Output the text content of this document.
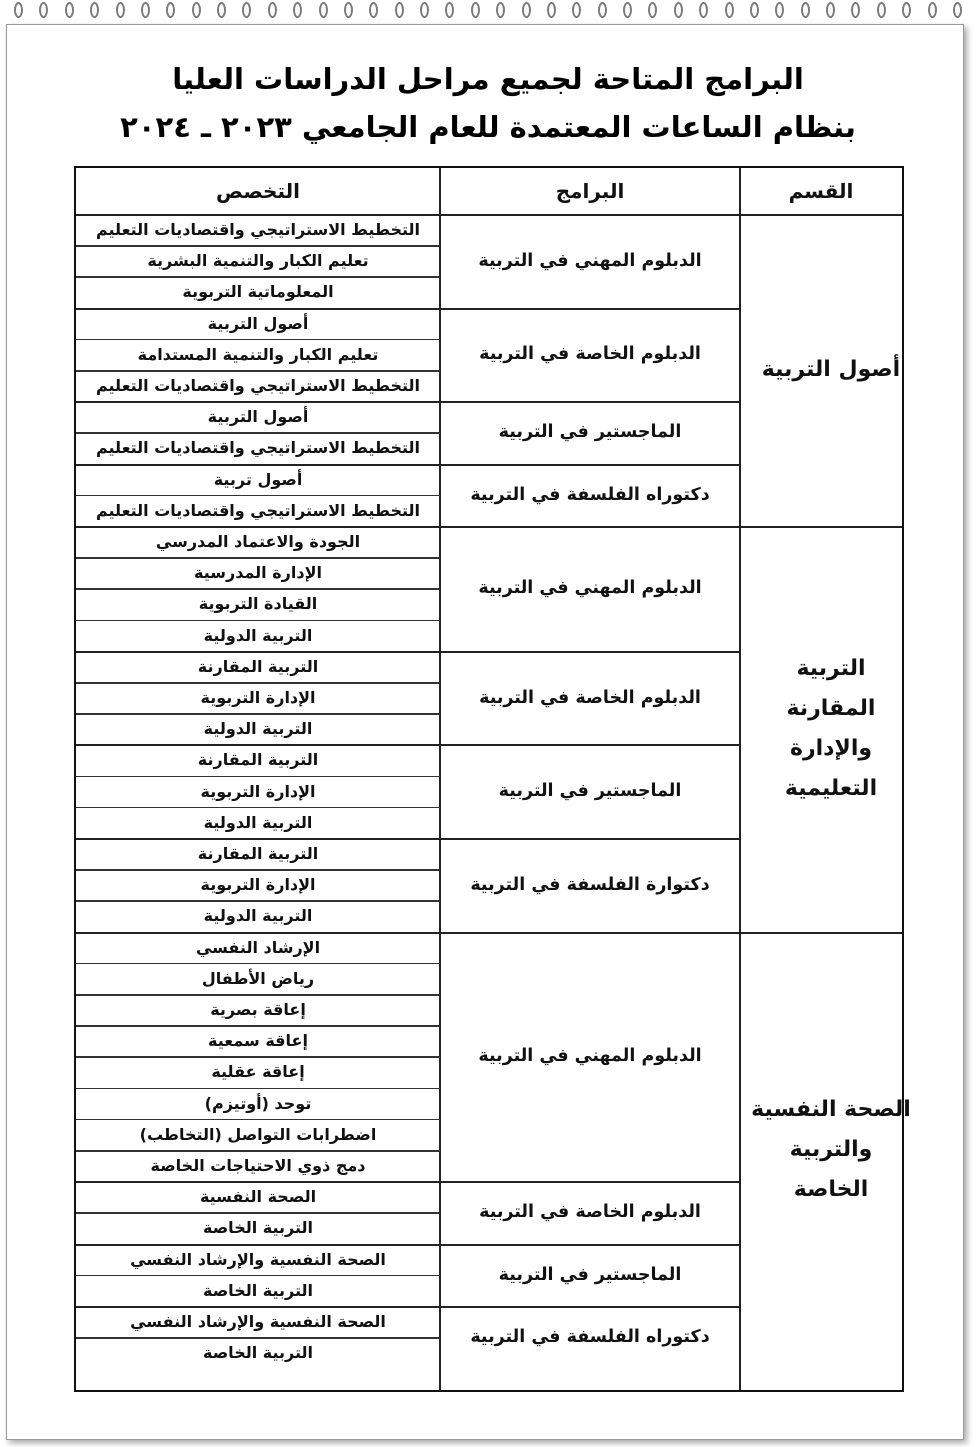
البرامج المتاحة لجميع مراحل الدراسات العليا
بنظام الساعات المعتمدة للعام الجامعي ٢٠٢٣ ـ ٢٠٢٤
القسم
البرامج
التخصص
التخطيط الاستراتيجي واقتصاديات التعليم
تعليم الكبار والتنمية البشرية
المعلوماتية التربوية
الدبلوم المهني في التربية
أصول التربية
تعليم الكبار والتنمية المستدامة
التخطيط الاستراتيجي واقتصاديات التعليم
الدبلوم الخاصة في التربية
أصول التربية
التخطيط الاستراتيجي واقتصاديات التعليم
الماجستير في التربية
أصول تربية
التخطيط الاستراتيجي واقتصاديات التعليم
دكتوراه الفلسفة في التربية
أصول التربية
الجودة والاعتماد المدرسي
الإدارة المدرسية
القيادة التربوية
التربية الدولية
الدبلوم المهني في التربية
التربية المقارنة
الإدارة التربوية
التربية الدولية
الدبلوم الخاصة في التربية
التربية المقارنة
الإدارة التربوية
التربية الدولية
الماجستير في التربية
التربية المقارنة
الإدارة التربوية
التربية الدولية
دكتوارة الفلسفة في التربية
التربية المقارنة والإدارة التعليمية
الإرشاد النفسي
رياض الأطفال
إعاقة بصرية
إعاقة سمعية
إعاقة عقلية
توحد (أوتيزم)
اضطرابات التواصل (التخاطب)
دمج ذوي الاحتياجات الخاصة
الدبلوم المهني في التربية
الصحة النفسية
التربية الخاصة
الدبلوم الخاصة في التربية
الصحة النفسية والإرشاد النفسي
التربية الخاصة
الماجستير في التربية
الصحة النفسية والإرشاد النفسي
التربية الخاصة
دكتوراه الفلسفة في التربية
الصحة النفسية والتربية الخاصة
